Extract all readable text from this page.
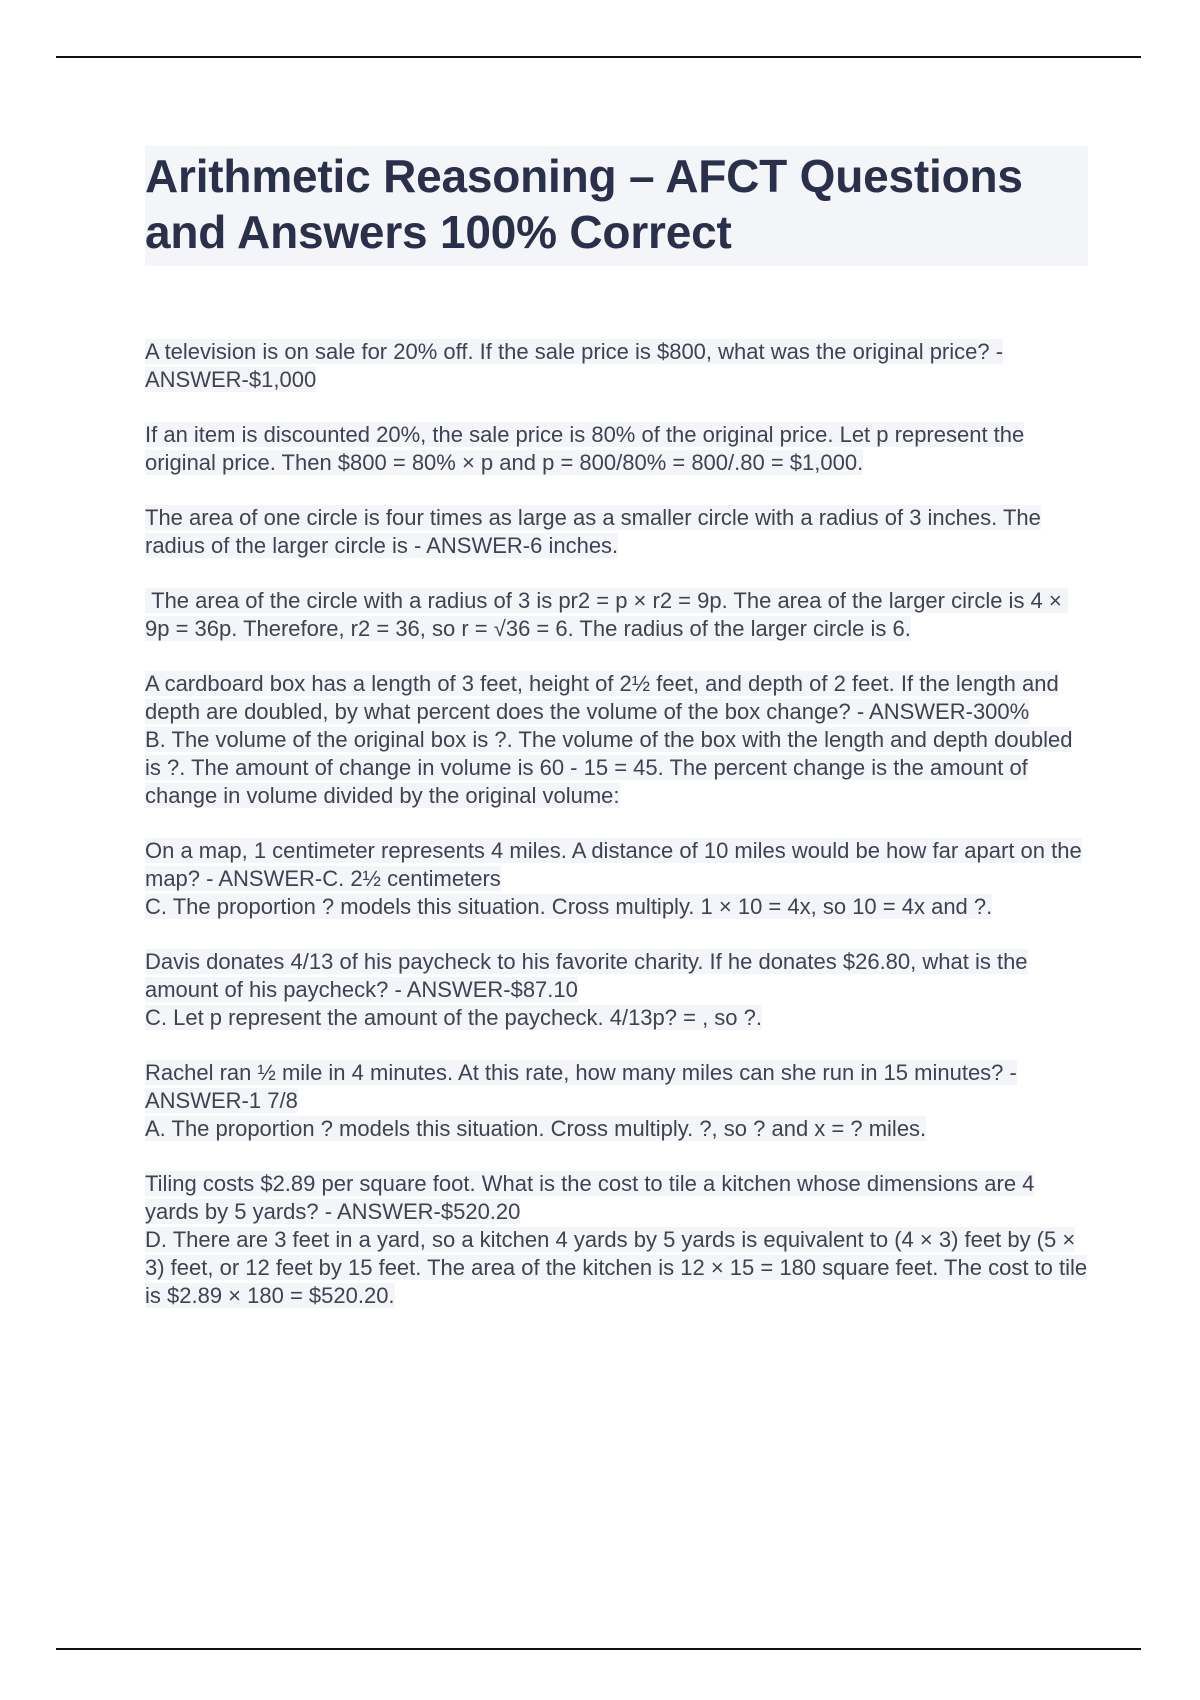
Arithmetic Reasoning – AFCT Questions and Answers 100% Correct

A television is on sale for 20% off. If the sale price is $800, what was the original price? - ANSWER-$1,000

If an item is discounted 20%, the sale price is 80% of the original price. Let p represent the original price. Then $800 = 80% × p and p = 800/80% = 800/.80 = $1,000.

The area of one circle is four times as large as a smaller circle with a radius of 3 inches. The radius of the larger circle is - ANSWER-6 inches.

The area of the circle with a radius of 3 is pr2 = p × r2 = 9p. The area of the larger circle is 4 × 9p = 36p. Therefore, r2 = 36, so r = √36 = 6. The radius of the larger circle is 6.

A cardboard box has a length of 3 feet, height of 2½ feet, and depth of 2 feet. If the length and depth are doubled, by what percent does the volume of the box change? - ANSWER-300%

B. The volume of the original box is ?. The volume of the box with the length and depth doubled is ?. The amount of change in volume is 60 - 15 = 45. The percent change is the amount of change in volume divided by the original volume:

On a map, 1 centimeter represents 4 miles. A distance of 10 miles would be how far apart on the map? - ANSWER-C. 2½ centimeters

C. The proportion ? models this situation. Cross multiply. 1 × 10 = 4x, so 10 = 4x and ?.

Davis donates 4/13 of his paycheck to his favorite charity. If he donates $26.80, what is the amount of his paycheck? - ANSWER-$87.10

C. Let p represent the amount of the paycheck. 4/13p? = , so ?.

Rachel ran ½ mile in 4 minutes. At this rate, how many miles can she run in 15 minutes? - ANSWER-1 7/8

A. The proportion ? models this situation. Cross multiply. ?, so ? and x = ? miles.

Tiling costs $2.89 per square foot. What is the cost to tile a kitchen whose dimensions are 4 yards by 5 yards? - ANSWER-$520.20

D. There are 3 feet in a yard, so a kitchen 4 yards by 5 yards is equivalent to (4 × 3) feet by (5 × 3) feet, or 12 feet by 15 feet. The area of the kitchen is 12 × 15 = 180 square feet. The cost to tile is $2.89 × 180 = $520.20.
